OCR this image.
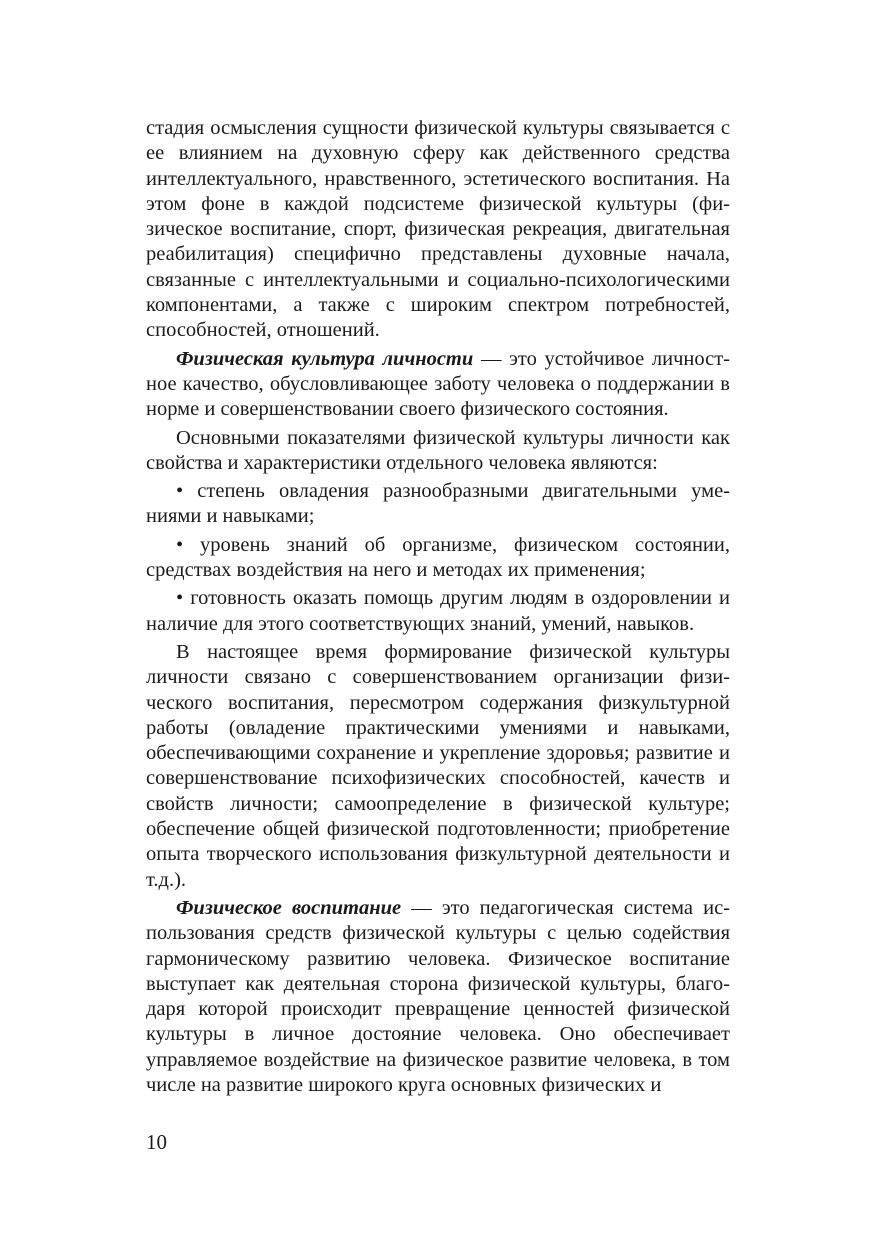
стадия осмысления сущности физической культуры связывается с ее влиянием на духовную сферу как действенного средства интеллектуального, нравственного, эстетического воспитания. На этом фоне в каждой подсистеме физической культуры (физическое воспитание, спорт, физическая рекреация, двигательная реабилитация) специфично представлены духовные начала, связанные с интеллектуальными и социально-психологическими компонентами, а также с широким спектром потребностей, способностей, отношений.

Физическая культура личности — это устойчивое личностное качество, обусловливающее заботу человека о поддержании в норме и совершенствовании своего физического состояния.

Основными показателями физической культуры личности как свойства и характеристики отдельного человека являются:

• степень овладения разнообразными двигательными умениями и навыками;

• уровень знаний об организме, физическом состоянии, средствах воздействия на него и методах их применения;

• готовность оказать помощь другим людям в оздоровлении и наличие для этого соответствующих знаний, умений, навыков.

В настоящее время формирование физической культуры личности связано с совершенствованием организации физического воспитания, пересмотром содержания физкультурной работы (овладение практическими умениями и навыками, обеспечивающими сохранение и укрепление здоровья; развитие и совершенствование психофизических способностей, качеств и свойств личности; самоопределение в физической культуре; обеспечение общей физической подготовленности; приобретение опыта творческого использования физкультурной деятельности и т.д.).

Физическое воспитание — это педагогическая система использования средств физической культуры с целью содействия гармоническому развитию человека. Физическое воспитание выступает как деятельная сторона физической культуры, благодаря которой происходит превращение ценностей физической культуры в личное достояние человека. Оно обеспечивает управляемое воздействие на физическое развитие человека, в том числе на развитие широкого круга основных физических и

10
